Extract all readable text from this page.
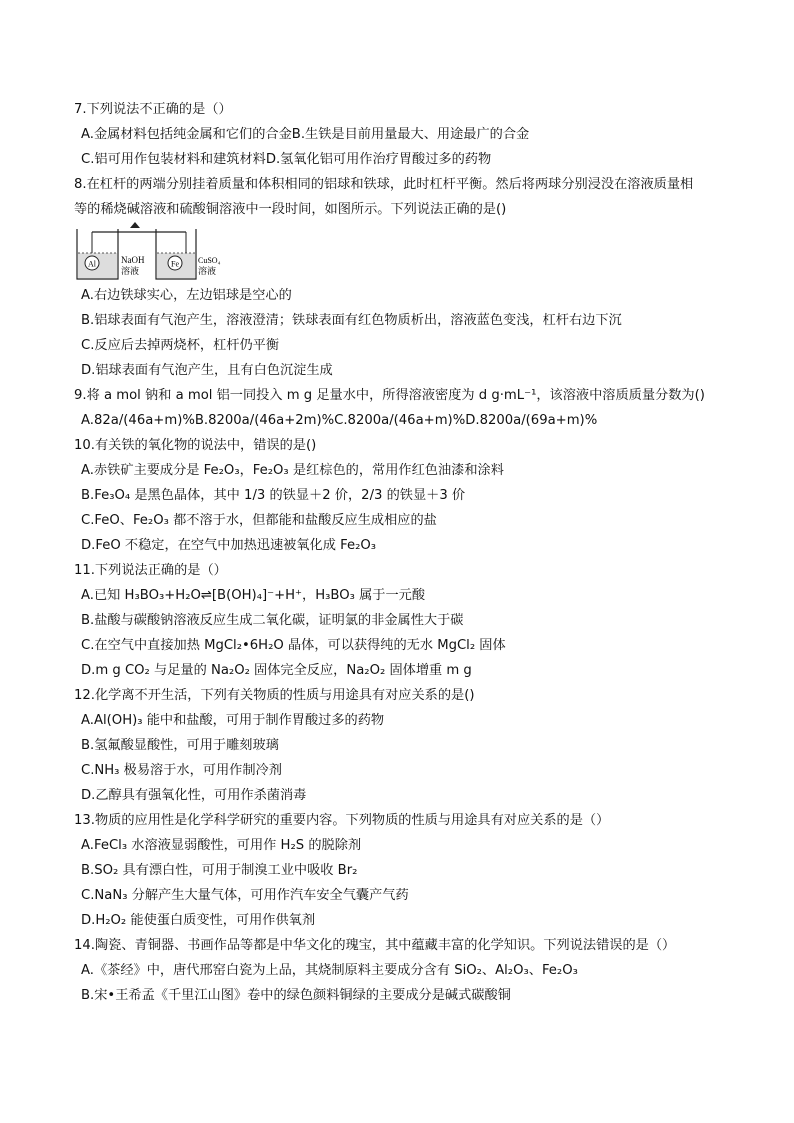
7.下列说法不正确的是（）
A.金属材料包括纯金属和它们的合金B.生铁是目前用量最大、用途最广的合金
C.铝可用作包装材料和建筑材料D.氢氧化铝可用作治疗胃酸过多的药物
8.在杠杆的两端分别挂着质量和体积相同的铝球和铁球，此时杠杆平衡。然后将两球分别浸没在溶液质量相
等的稀烧碱溶液和硫酸铜溶液中一段时间，如图所示。下列说法正确的是()
Al	NaOH
溶液
Fe CuSO₄
溶液
A.右边铁球实心，左边铝球是空心的
B.铝球表面有气泡产生，溶液澄清；铁球表面有红色物质析出，溶液蓝色变浅，杠杆右边下沉
C.反应后去掉两烧杯，杠杆仍平衡
D.铝球表面有气泡产生，且有白色沉淀生成
9.将 a mol 钠和 a mol 铝一同投入 m g 足量水中，所得溶液密度为 d g·mL⁻¹，该溶液中溶质质量分数为()
A.82a/(46a+m)%B.8200a/(46a+2m)%C.8200a/(46a+m)%D.8200a/(69a+m)%
10.有关铁的氧化物的说法中，错误的是()
A.赤铁矿主要成分是 Fe₂O₃，Fe₂O₃ 是红棕色的，常用作红色油漆和涂料
B.Fe₃O₄ 是黑色晶体，其中 1/3 的铁显＋2 价，2/3 的铁显＋3 价
C.FeO、Fe₂O₃ 都不溶于水，但都能和盐酸反应生成相应的盐
D.FeO 不稳定，在空气中加热迅速被氧化成 Fe₂O₃
11.下列说法正确的是（）
A.已知 H₃BO₃+H₂O⇌[B(OH)₄]⁻+H⁺，H₃BO₃ 属于一元酸
B.盐酸与碳酸钠溶液反应生成二氧化碳，证明氯的非金属性大于碳
C.在空气中直接加热 MgCl₂•6H₂O 晶体，可以获得纯的无水 MgCl₂ 固体
D.m g CO₂ 与足量的 Na₂O₂ 固体完全反应，Na₂O₂ 固体增重 m g
12.化学离不开生活，下列有关物质的性质与用途具有对应关系的是()
A.Al(OH)₃ 能中和盐酸，可用于制作胃酸过多的药物
B.氢氟酸显酸性，可用于雕刻玻璃
C.NH₃ 极易溶于水，可用作制冷剂
D.乙醇具有强氧化性，可用作杀菌消毒
13.物质的应用性是化学科学研究的重要内容。下列物质的性质与用途具有对应关系的是（）
A.FeCl₃ 水溶液显弱酸性，可用作 H₂S 的脱除剂
B.SO₂ 具有漂白性，可用于制溴工业中吸收 Br₂
C.NaN₃ 分解产生大量气体，可用作汽车安全气囊产气药
D.H₂O₂ 能使蛋白质变性，可用作供氧剂
14.陶瓷、青铜器、书画作品等都是中华文化的瑰宝，其中蕴藏丰富的化学知识。下列说法错误的是（）
A.《茶经》中，唐代邢窑白瓷为上品，其烧制原料主要成分含有 SiO₂、Al₂O₃、Fe₂O₃
B.宋•王希孟《千里江山图》卷中的绿色颜料铜绿的主要成分是碱式碳酸铜
